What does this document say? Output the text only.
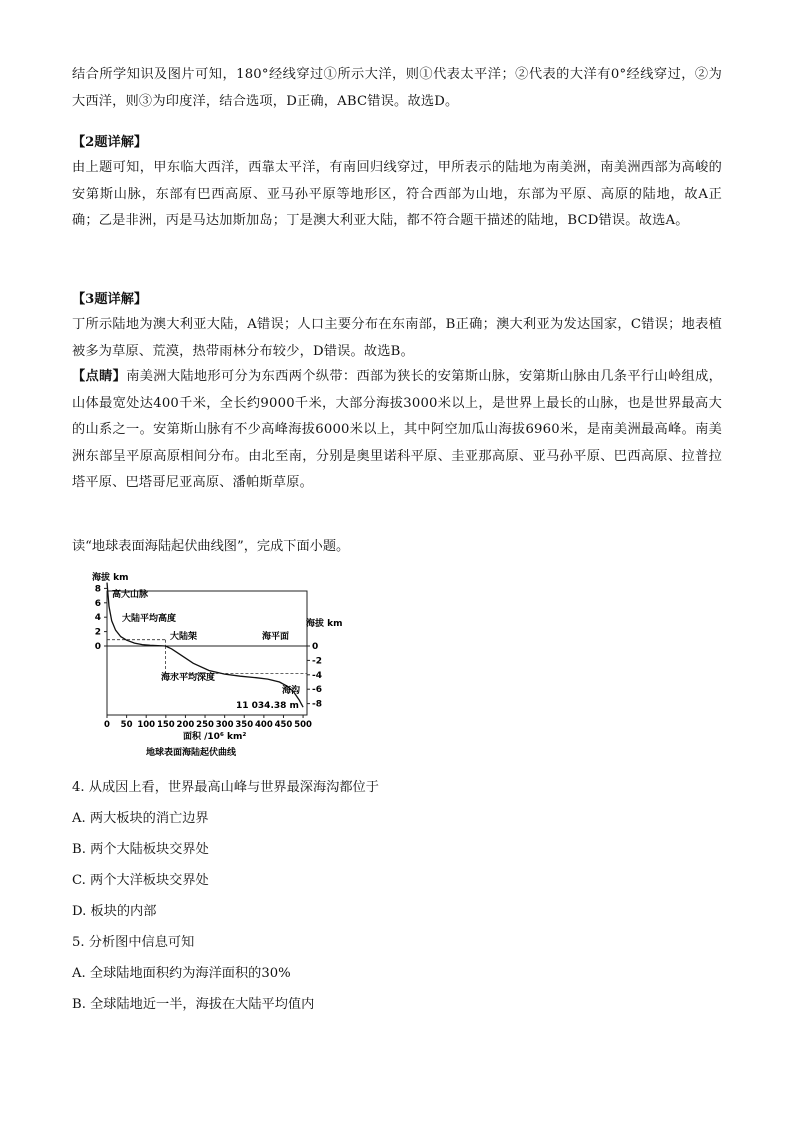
结合所学知识及图片可知，180°经线穿过①所示大洋，则①代表太平洋；②代表的大洋有0°经线穿过，②为大西洋，则③为印度洋，结合选项，D正确，ABC错误。故选D。

【2题详解】

由上题可知，甲东临大西洋，西靠太平洋，有南回归线穿过，甲所表示的陆地为南美洲，南美洲西部为高峻的安第斯山脉，东部有巴西高原、亚马孙平原等地形区，符合西部为山地，东部为平原、高原的陆地，故A正确；乙是非洲，丙是马达加斯加岛；丁是澳大利亚大陆，都不符合题干描述的陆地，BCD错误。故选A。

【3题详解】

丁所示陆地为澳大利亚大陆，A错误；人口主要分布在东南部，B正确；澳大利亚为发达国家，C错误；地表植被多为草原、荒漠，热带雨林分布较少，D错误。故选B。

【点睛】南美洲大陆地形可分为东西两个纵带：西部为狭长的安第斯山脉，安第斯山脉由几条平行山岭组成，山体最宽处达400千米，全长约9000千米，大部分海拔3000米以上，是世界上最长的山脉，也是世界最高大的山系之一。安第斯山脉有不少高峰海拔6000米以上，其中阿空加瓜山海拔6960米，是南美洲最高峰。南美洲东部呈平原高原相间分布。由北至南，分别是奥里诺科平原、圭亚那高原、亚马孙平原、巴西高原、拉普拉塔平原、巴塔哥尼亚高原、潘帕斯草原。

读“地球表面海陆起伏曲线图”，完成下面小题。

8
6
4
2
0	0
-2
-4
-6
-8
0 50 100 150 200 250 300 350 400 450 500
海拔 km
海拔 km
高大山脉
大陆平均高度
大陆架	海平面
海水平均深度
海沟
11 034.38 m
面积 /10⁶ km²
地球表面海陆起伏曲线

4. 从成因上看，世界最高山峰与世界最深海沟都位于

A. 两大板块的消亡边界

B. 两个大陆板块交界处

C. 两个大洋板块交界处

D. 板块的内部

5. 分析图中信息可知

A. 全球陆地面积约为海洋面积的30%

B. 全球陆地近一半，海拔在大陆平均值内
